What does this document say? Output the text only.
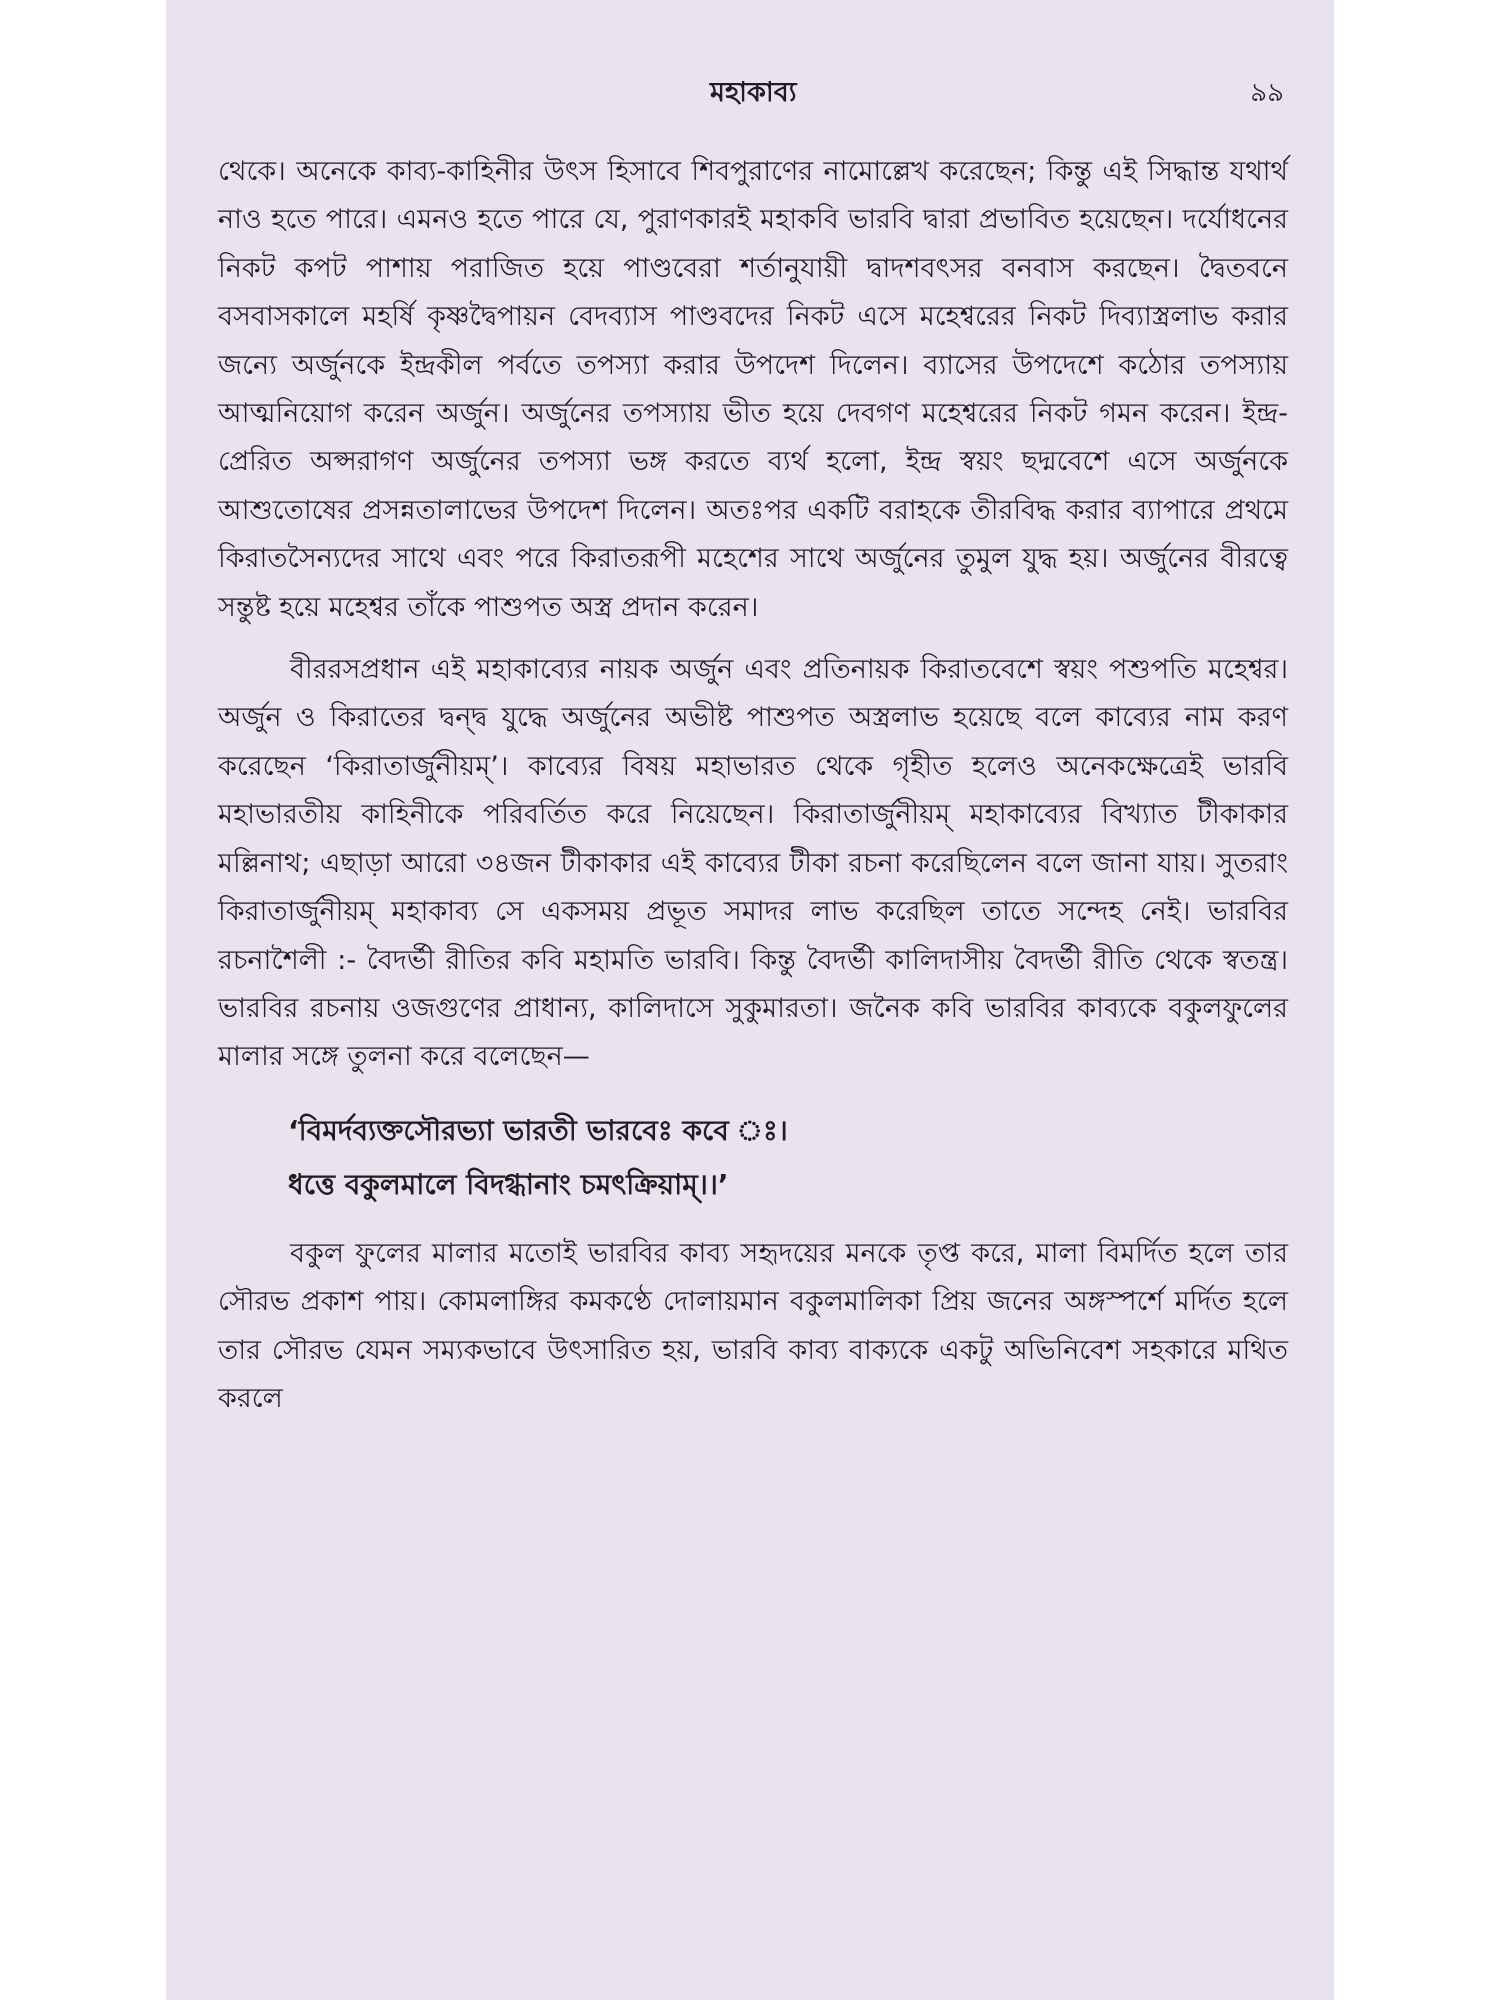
মহাকাব্য	৯৯

থেকে। অনেকে কাব্য-কাহিনীর উৎস হিসাবে শিবপুরাণের নামোল্লেখ করেছেন; কিন্তু এই সিদ্ধান্ত যথার্থ নাও হতে পারে। এমনও হতে পারে যে, পুরাণকারই মহাকবি ভারবি দ্বারা প্রভাবিত হয়েছেন। দর্যোধনের নিকট কপট পাশায় পরাজিত হয়ে পাণ্ডবেরা শর্তানুযায়ী দ্বাদশবৎসর বনবাস করছেন। দ্বৈতবনে বসবাসকালে মহর্ষি কৃষ্ণদ্বৈপায়ন বেদব্যাস পাণ্ডবদের নিকট এসে মহেশ্বরের নিকট দিব্যাস্ত্রলাভ করার জন্যে অর্জুনকে ইন্দ্রকীল পর্বতে তপস্যা করার উপদেশ দিলেন। ব্যাসের উপদেশে কঠোর তপস্যায় আত্মনিয়োগ করেন অর্জুন। অর্জুনের তপস্যায় ভীত হয়ে দেবগণ মহেশ্বরের নিকট গমন করেন। ইন্দ্র-প্রেরিত অপ্সরাগণ অর্জুনের তপস্যা ভঙ্গ করতে ব্যর্থ হলো, ইন্দ্র স্বয়ং ছদ্মবেশে এসে অর্জুনকে আশুতোষের প্রসন্নতালাভের উপদেশ দিলেন। অতঃপর একটি বরাহকে তীরবিদ্ধ করার ব্যাপারে প্রথমে কিরাতসৈন্যদের সাথে এবং পরে কিরাতরূপী মহেশের সাথে অর্জুনের তুমুল যুদ্ধ হয়। অর্জুনের বীরত্বে সন্তুষ্ট হয়ে মহেশ্বর তাঁকে পাশুপত অস্ত্র প্রদান করেন।

বীররসপ্রধান এই মহাকাব্যের নায়ক অর্জুন এবং প্রতিনায়ক কিরাতবেশে স্বয়ং পশুপতি মহেশ্বর। অর্জুন ও কিরাতের দ্বন্দ্ব যুদ্ধে অর্জুনের অভীষ্ট পাশুপত অস্ত্রলাভ হয়েছে বলে কাব্যের নাম করণ করেছেন ‘কিরাতার্জুনীয়ম্’। কাব্যের বিষয় মহাভারত থেকে গৃহীত হলেও অনেকক্ষেত্রেই ভারবি মহাভারতীয় কাহিনীকে পরিবর্তিত করে নিয়েছেন। কিরাতার্জুনীয়ম্ মহাকাব্যের বিখ্যাত টীকাকার মল্লিনাথ; এছাড়া আরো ৩৪জন টীকাকার এই কাব্যের টীকা রচনা করেছিলেন বলে জানা যায়। সুতরাং কিরাতার্জুনীয়ম্ মহাকাব্য সে একসময় প্রভূত সমাদর লাভ করেছিল তাতে সন্দেহ নেই। ভারবির রচনাশৈলী :- বৈদর্ভী রীতির কবি মহামতি ভারবি। কিন্তু বৈদর্ভী কালিদাসীয় বৈদর্ভী রীতি থেকে স্বতন্ত্র। ভারবির রচনায় ওজগুণের প্রাধান্য, কালিদাসে সুকুমারতা। জনৈক কবি ভারবির কাব্যকে বকুলফুলের মালার সঙ্গে তুলনা করে বলেছেন—

‘বিমর্দব্যক্তসৌরভ্যা ভারতী ভারবেঃ কবে ঃ।
ধত্তে বকুলমালে বিদগ্ধানাং চমৎক্রিয়াম্।।’

বকুল ফুলের মালার মতোই ভারবির কাব্য সহৃদয়ের মনকে তৃপ্ত করে, মালা বিমর্দিত হলে তার সৌরভ প্রকাশ পায়। কোমলাঙ্গির কমকণ্ঠে দোলায়মান বকুলমালিকা প্রিয় জনের অঙ্গস্পর্শে মর্দিত হলে তার সৌরভ যেমন সম্যকভাবে উৎসারিত হয়, ভারবি কাব্য বাক্যকে একটু অভিনিবেশ সহকারে মথিত করলে
